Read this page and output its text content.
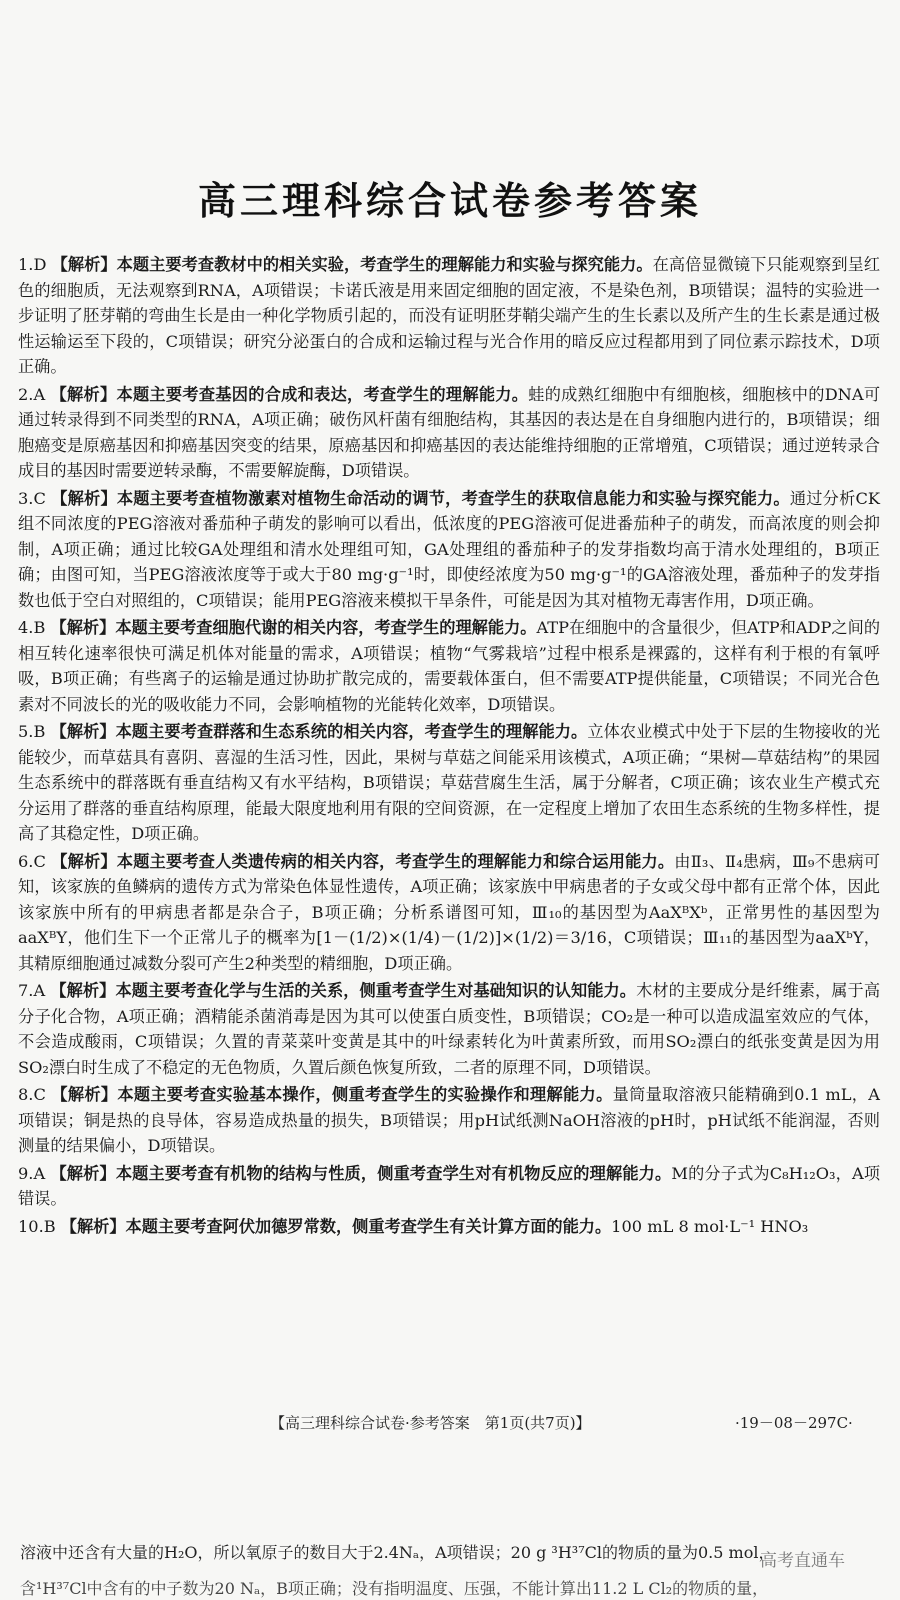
高三理科综合试卷参考答案

1.D 【解析】本题主要考查教材中的相关实验，考查学生的理解能力和实验与探究能力。在高倍显微镜下只能观察到呈红色的细胞质，无法观察到RNA，A项错误；卡诺氏液是用来固定细胞的固定液，不是染色剂，B项错误；温特的实验进一步证明了胚芽鞘的弯曲生长是由一种化学物质引起的，而没有证明胚芽鞘尖端产生的生长素以及所产生的生长素是通过极性运输运至下段的，C项错误；研究分泌蛋白的合成和运输过程与光合作用的暗反应过程都用到了同位素示踪技术，D项正确。

2.A 【解析】本题主要考查基因的合成和表达，考查学生的理解能力。蛙的成熟红细胞中有细胞核，细胞核中的DNA可通过转录得到不同类型的RNA，A项正确；破伤风杆菌有细胞结构，其基因的表达是在自身细胞内进行的，B项错误；细胞癌变是原癌基因和抑癌基因突变的结果，原癌基因和抑癌基因的表达能维持细胞的正常增殖，C项错误；通过逆转录合成目的基因时需要逆转录酶，不需要解旋酶，D项错误。

3.C 【解析】本题主要考查植物激素对植物生命活动的调节，考查学生的获取信息能力和实验与探究能力。通过分析CK组不同浓度的PEG溶液对番茄种子萌发的影响可以看出，低浓度的PEG溶液可促进番茄种子的萌发，而高浓度的则会抑制，A项正确；通过比较GA处理组和清水处理组可知，GA处理组的番茄种子的发芽指数均高于清水处理组的，B项正确；由图可知，当PEG溶液浓度等于或大于80 mg·g⁻¹时，即使经浓度为50 mg·g⁻¹的GA溶液处理，番茄种子的发芽指数也低于空白对照组的，C项错误；能用PEG溶液来模拟干旱条件，可能是因为其对植物无毒害作用，D项正确。

4.B 【解析】本题主要考查细胞代谢的相关内容，考查学生的理解能力。ATP在细胞中的含量很少，但ATP和ADP之间的相互转化速率很快可满足机体对能量的需求，A项错误；植物“气雾栽培”过程中根系是裸露的，这样有利于根的有氧呼吸，B项正确；有些离子的运输是通过协助扩散完成的，需要载体蛋白，但不需要ATP提供能量，C项错误；不同光合色素对不同波长的光的吸收能力不同，会影响植物的光能转化效率，D项错误。

5.B 【解析】本题主要考查群落和生态系统的相关内容，考查学生的理解能力。立体农业模式中处于下层的生物接收的光能较少，而草菇具有喜阴、喜湿的生活习性，因此，果树与草菇之间能采用该模式，A项正确；“果树—草菇结构”的果园生态系统中的群落既有垂直结构又有水平结构，B项错误；草菇营腐生生活，属于分解者，C项正确；该农业生产模式充分运用了群落的垂直结构原理，能最大限度地利用有限的空间资源，在一定程度上增加了农田生态系统的生物多样性，提高了其稳定性，D项正确。

6.C 【解析】本题主要考查人类遗传病的相关内容，考查学生的理解能力和综合运用能力。由Ⅱ₃、Ⅱ₄患病，Ⅲ₉不患病可知，该家族的鱼鳞病的遗传方式为常染色体显性遗传，A项正确；该家族中甲病患者的子女或父母中都有正常个体，因此该家族中所有的甲病患者都是杂合子，B项正确；分析系谱图可知，Ⅲ₁₀的基因型为AaXᴮXᵇ，正常男性的基因型为aaXᴮY，他们生下一个正常儿子的概率为[1－(1/2)×(1/4)－(1/2)]×(1/2)＝3/16，C项错误；Ⅲ₁₁的基因型为aaXᵇY，其精原细胞通过减数分裂可产生2种类型的精细胞，D项正确。

7.A 【解析】本题主要考查化学与生活的关系，侧重考查学生对基础知识的认知能力。木材的主要成分是纤维素，属于高分子化合物，A项正确；酒精能杀菌消毒是因为其可以使蛋白质变性，B项错误；CO₂是一种可以造成温室效应的气体，不会造成酸雨，C项错误；久置的青菜菜叶变黄是其中的叶绿素转化为叶黄素所致，而用SO₂漂白的纸张变黄是因为用SO₂漂白时生成了不稳定的无色物质，久置后颜色恢复所致，二者的原理不同，D项错误。

8.C 【解析】本题主要考查实验基本操作，侧重考查学生的实验操作和理解能力。量筒量取溶液只能精确到0.1 mL，A项错误；铜是热的良导体，容易造成热量的损失，B项错误；用pH试纸测NaOH溶液的pH时，pH试纸不能润湿，否则测量的结果偏小，D项错误。

9.A 【解析】本题主要考查有机物的结构与性质，侧重考查学生对有机物反应的理解能力。M的分子式为C₈H₁₂O₃，A项错误。

10.B 【解析】本题主要考查阿伏加德罗常数，侧重考查学生有关计算方面的能力。100 mL 8 mol·L⁻¹ HNO₃

【高三理科综合试卷·参考答案　第1页(共7页)】	·19－08－297C·
溶液中还含有大量的H₂O，所以氧原子的数目大于2.4Nₐ，A项错误；20 g ³H³⁷Cl的物质的量为0.5 mol，
含¹H³⁷Cl中含有的中子数为20 Nₐ，B项正确；没有指明温度、压强，不能计算出11.2 L Cl₂的物质的量，
高考直通车
